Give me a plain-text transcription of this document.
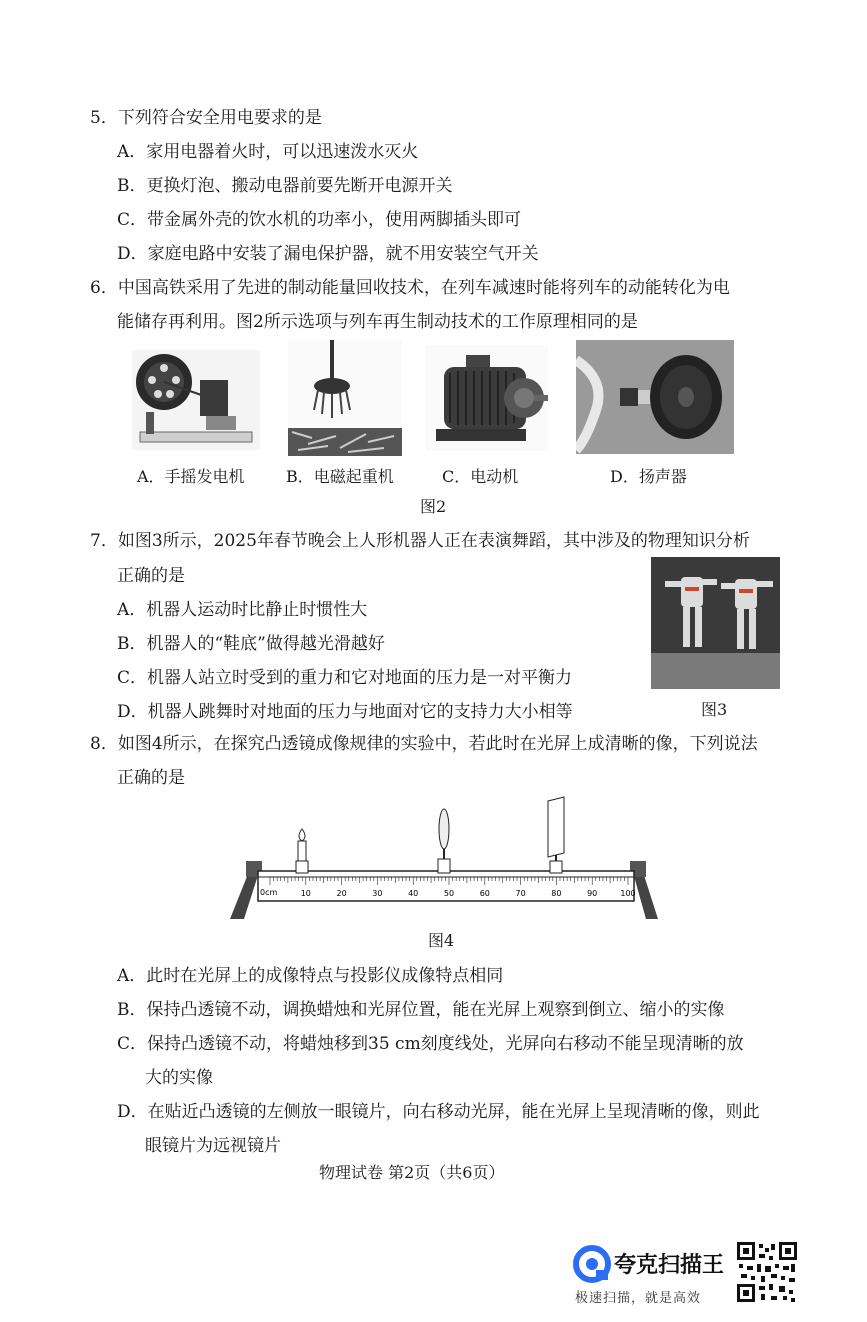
5．下列符合安全用电要求的是
A．家用电器着火时，可以迅速泼水灭火
B．更换灯泡、搬动电器前要先断开电源开关
C．带金属外壳的饮水机的功率小，使用两脚插头即可
D．家庭电路中安装了漏电保护器，就不用安装空气开关
6．中国高铁采用了先进的制动能量回收技术，在列车减速时能将列车的动能转化为电
能储存再利用。图2所示选项与列车再生制动技术的工作原理相同的是
A．手摇发电机	B．电磁起重机	C．电动机	D．扬声器
图2
7．如图3所示，2025年春节晚会上人形机器人正在表演舞蹈，其中涉及的物理知识分析
正确的是
A．机器人运动时比静止时惯性大
B．机器人的“鞋底”做得越光滑越好
C．机器人站立时受到的重力和它对地面的压力是一对平衡力
D．机器人跳舞时对地面的压力与地面对它的支持力大小相等	图3
8．如图4所示，在探究凸透镜成像规律的实验中，若此时在光屏上成清晰的像，下列说法
正确的是
0cm	10	20	30	40	50	60	70	80	90	100
图4
A．此时在光屏上的成像特点与投影仪成像特点相同
B．保持凸透镜不动，调换蜡烛和光屏位置，能在光屏上观察到倒立、缩小的实像
C．保持凸透镜不动，将蜡烛移到35 cm刻度线处，光屏向右移动不能呈现清晰的放
大的实像
D．在贴近凸透镜的左侧放一眼镜片，向右移动光屏，能在光屏上呈现清晰的像，则此
眼镜片为远视镜片
物理试卷 第2页（共6页）
夸克扫描王
极速扫描，就是高效
